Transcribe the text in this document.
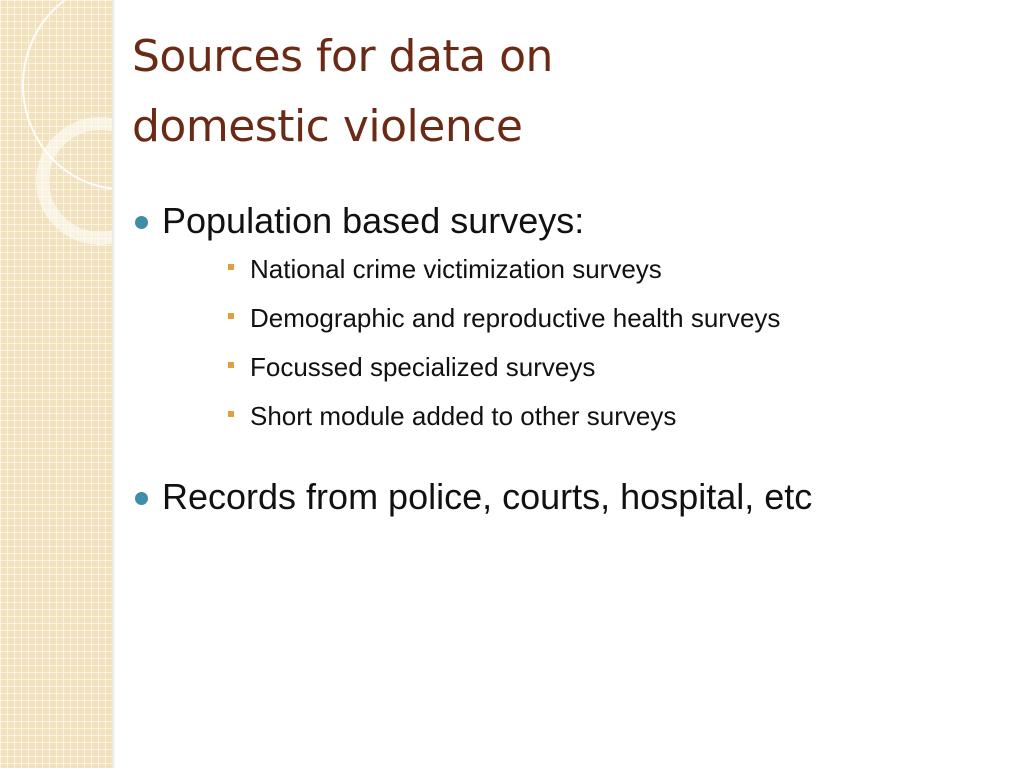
Sources for data on
domestic violence
Population based surveys:
National crime victimization surveys
Demographic and reproductive health surveys
Focussed specialized surveys
Short module added to other surveys
Records from police, courts, hospital, etc
